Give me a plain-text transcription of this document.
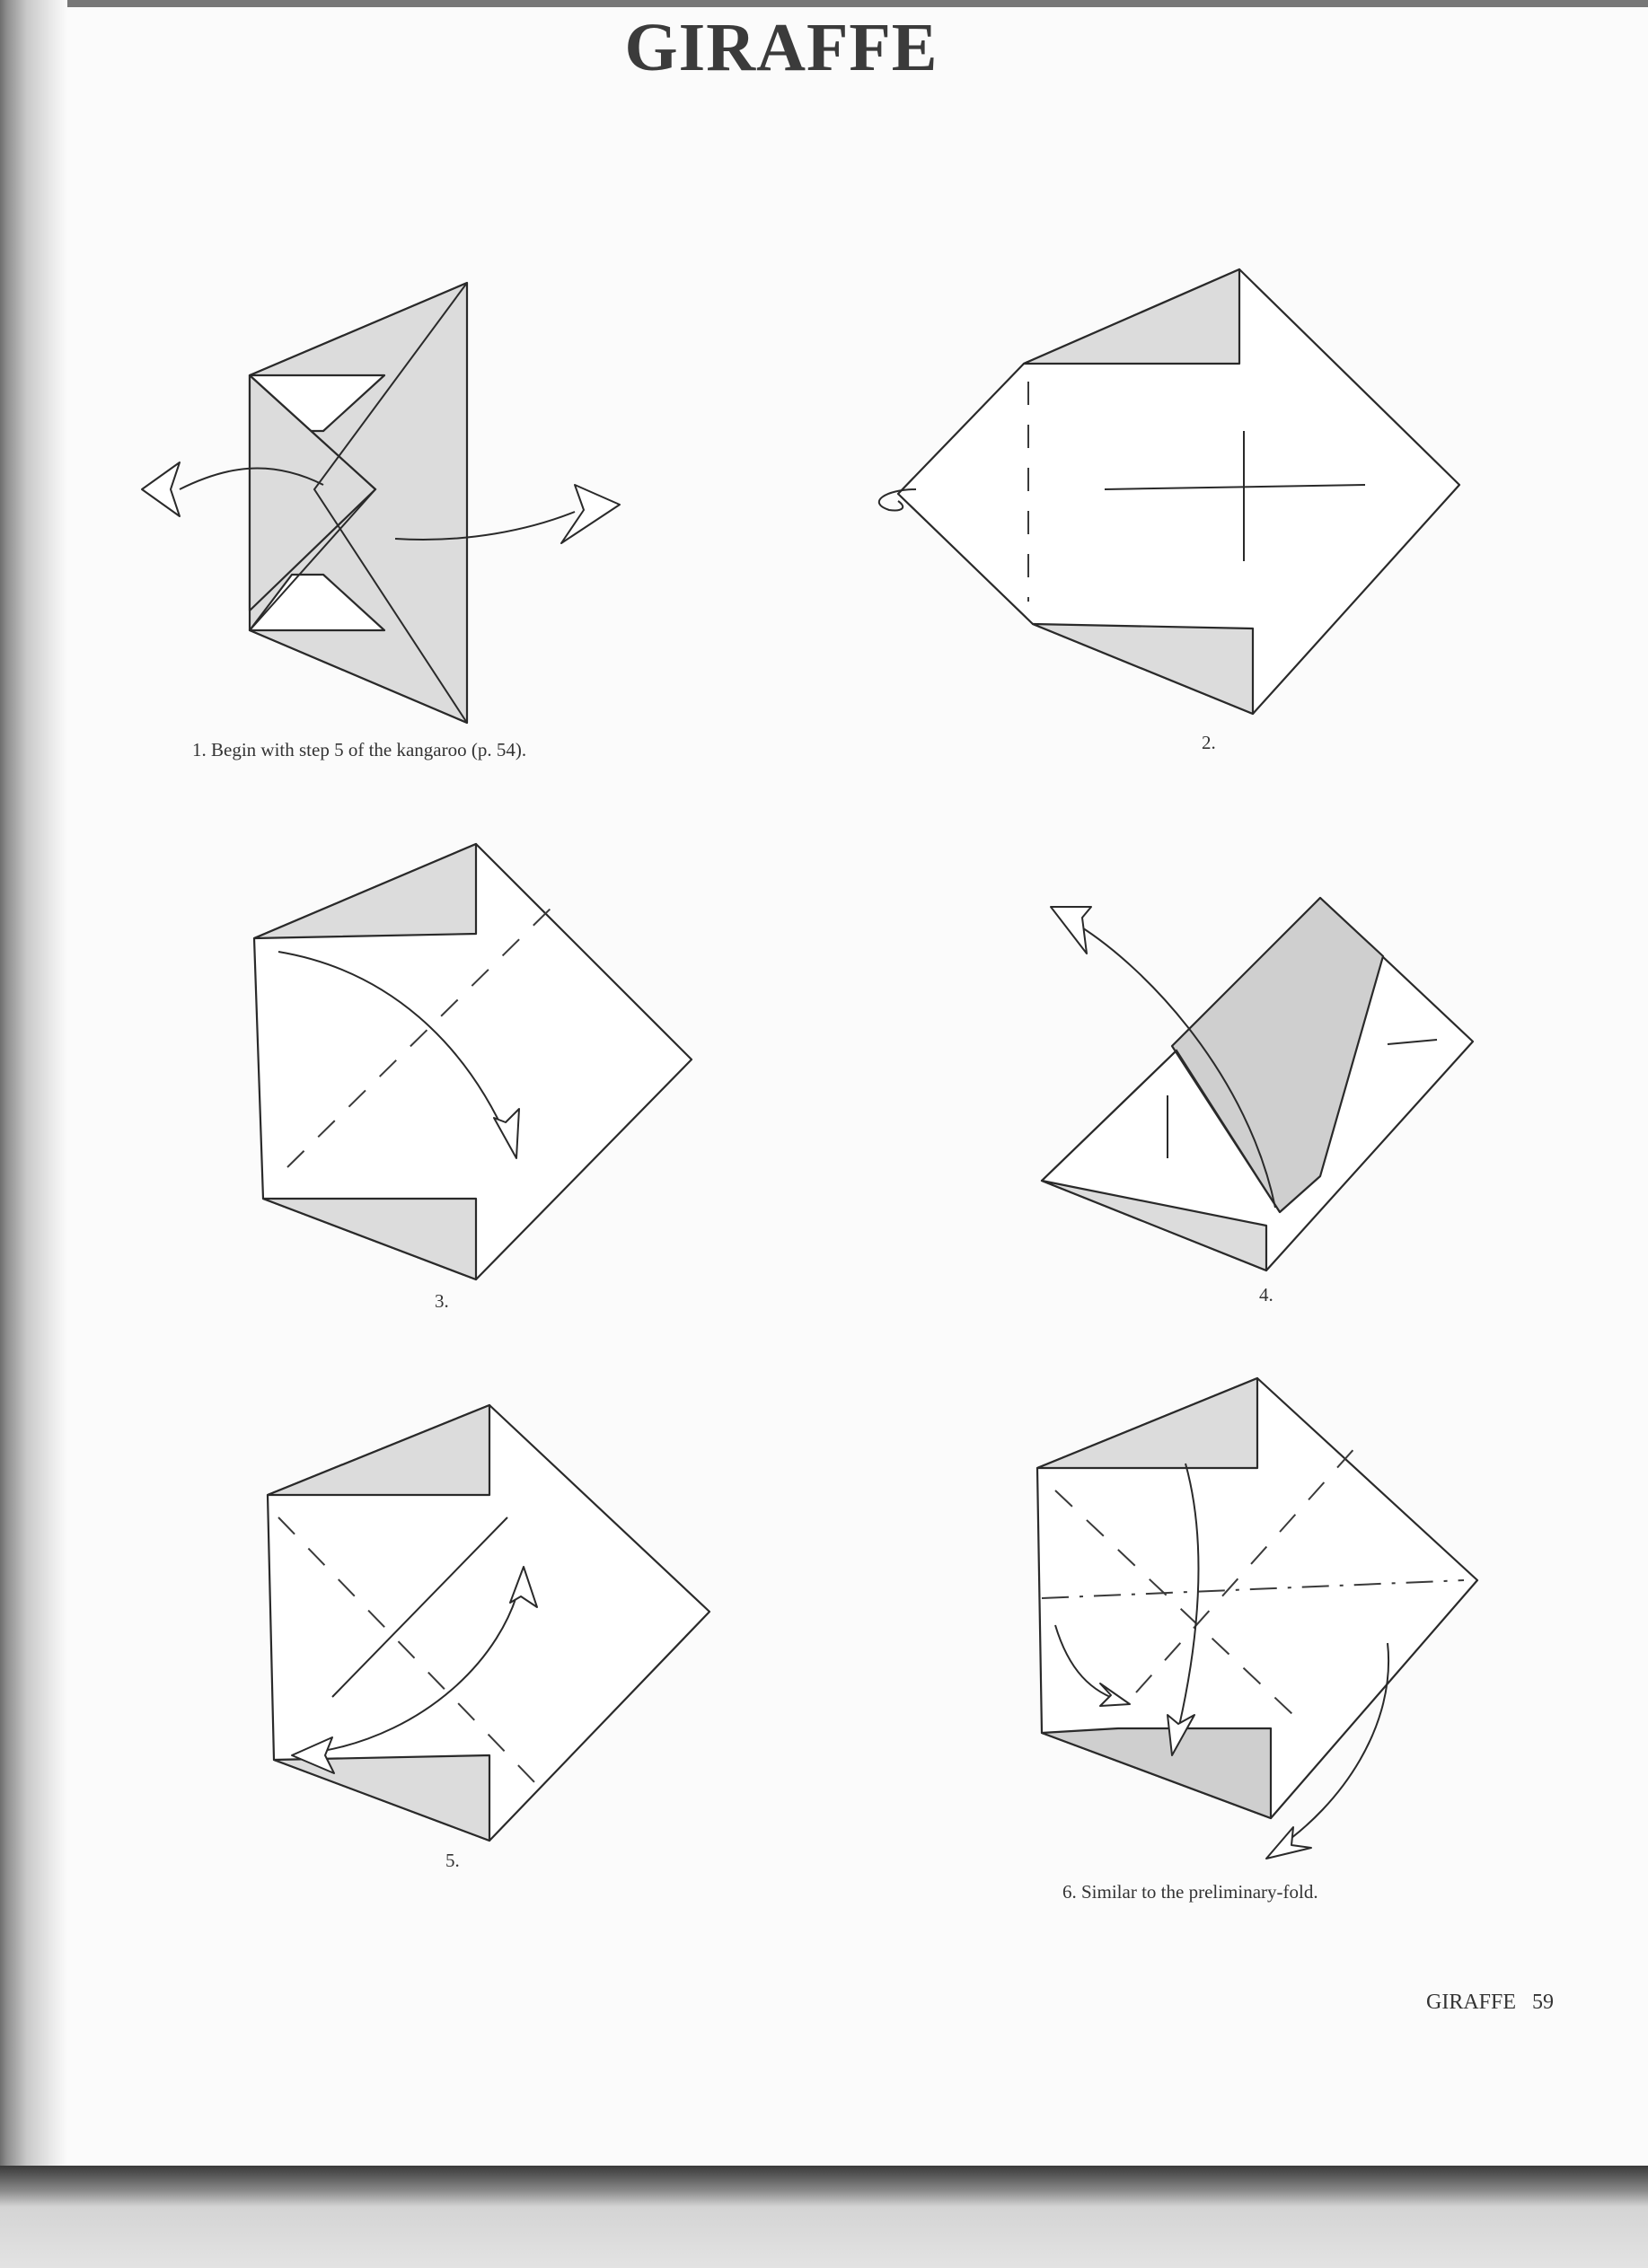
GIRAFFE
1. Begin with step 5 of the kangaroo (p. 54).	2.
3.	4.
5.
6. Similar to the preliminary-fold.
GIRAFFE 59
